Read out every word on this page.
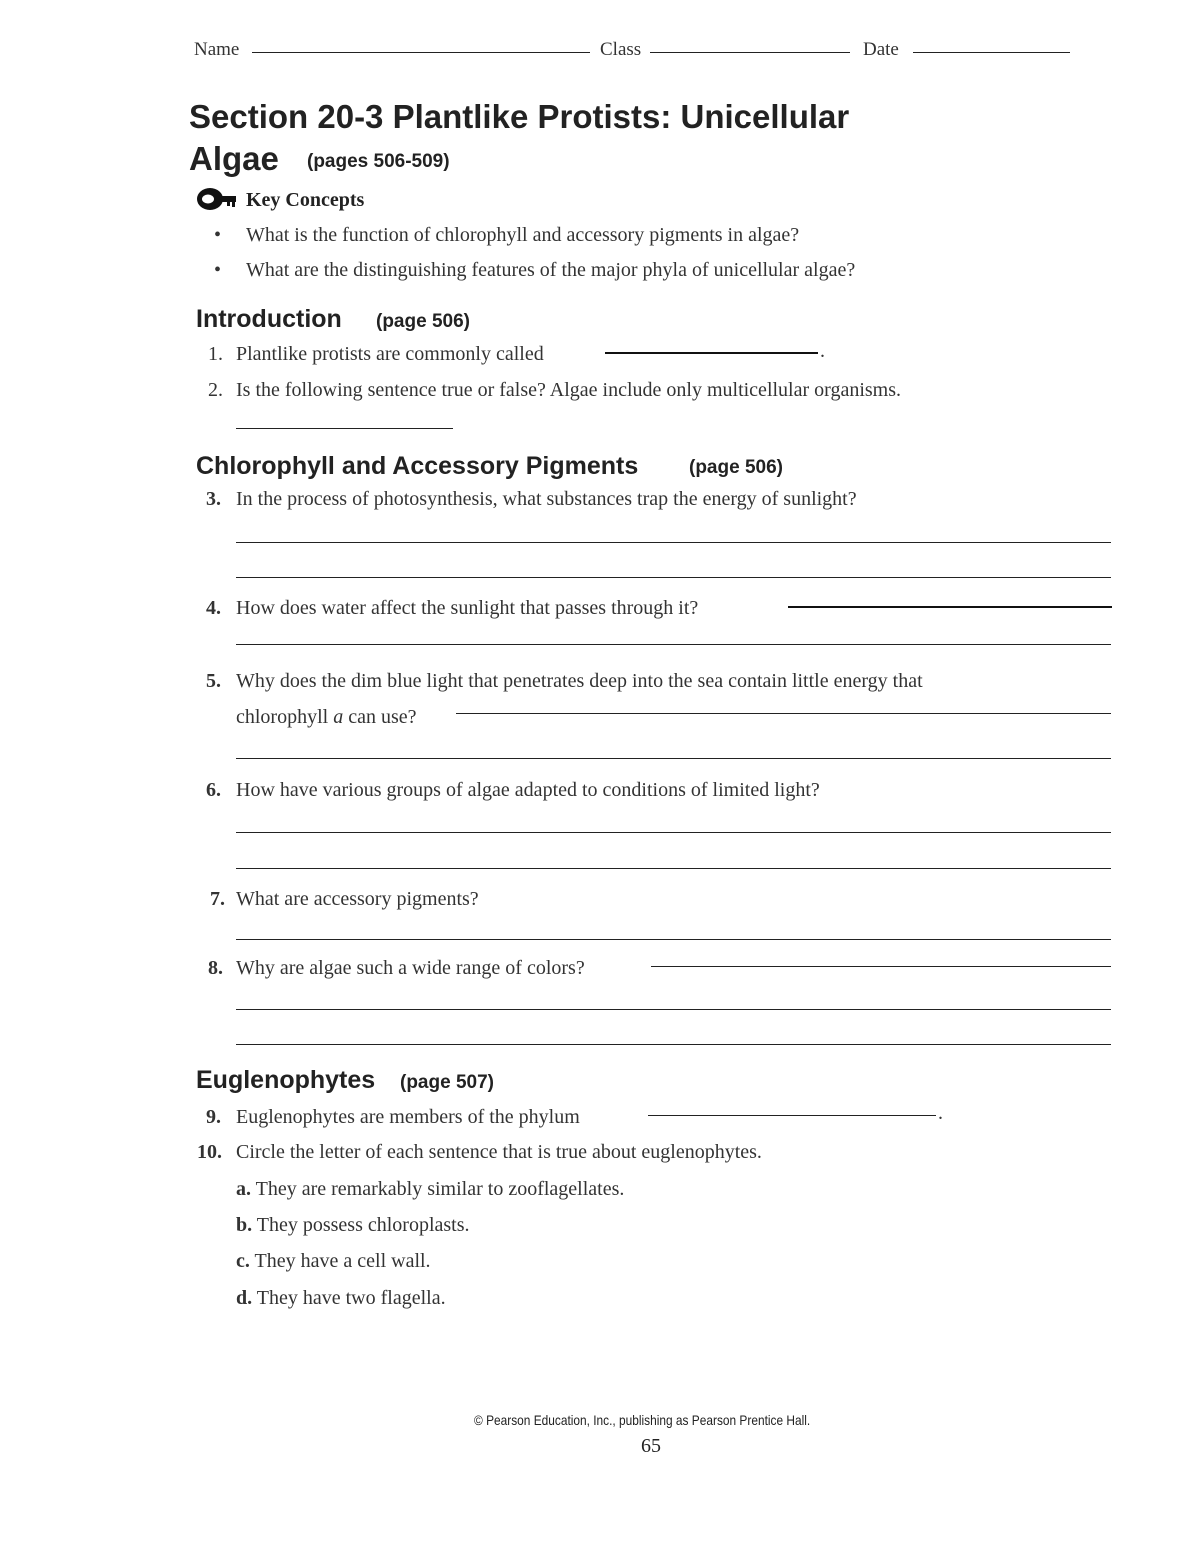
Name	Class	Date
Section 20-3 Plantlike Protists: Unicellular
Algae (pages 506-509)
Key Concepts
• What is the function of chlorophyll and accessory pigments in algae?
• What are the distinguishing features of the major phyla of unicellular algae?
Introduction (page 506)
1. Plantlike protists are commonly called	.
2. Is the following sentence true or false? Algae include only multicellular organisms.
Chlorophyll and Accessory Pigments	(page 506)
3. In the process of photosynthesis, what substances trap the energy of sunlight?
4. How does water affect the sunlight that passes through it?
5. Why does the dim blue light that penetrates deep into the sea contain little energy that
chlorophyll a can use?
6. How have various groups of algae adapted to conditions of limited light?
7. What are accessory pigments?
8. Why are algae such a wide range of colors?
Euglenophytes (page 507)
9. Euglenophytes are members of the phylum	.
10. Circle the letter of each sentence that is true about euglenophytes.
a. They are remarkably similar to zooflagellates.
b. They possess chloroplasts.
c. They have a cell wall.
d. They have two flagella.
© Pearson Education, Inc., publishing as Pearson Prentice Hall.
65
